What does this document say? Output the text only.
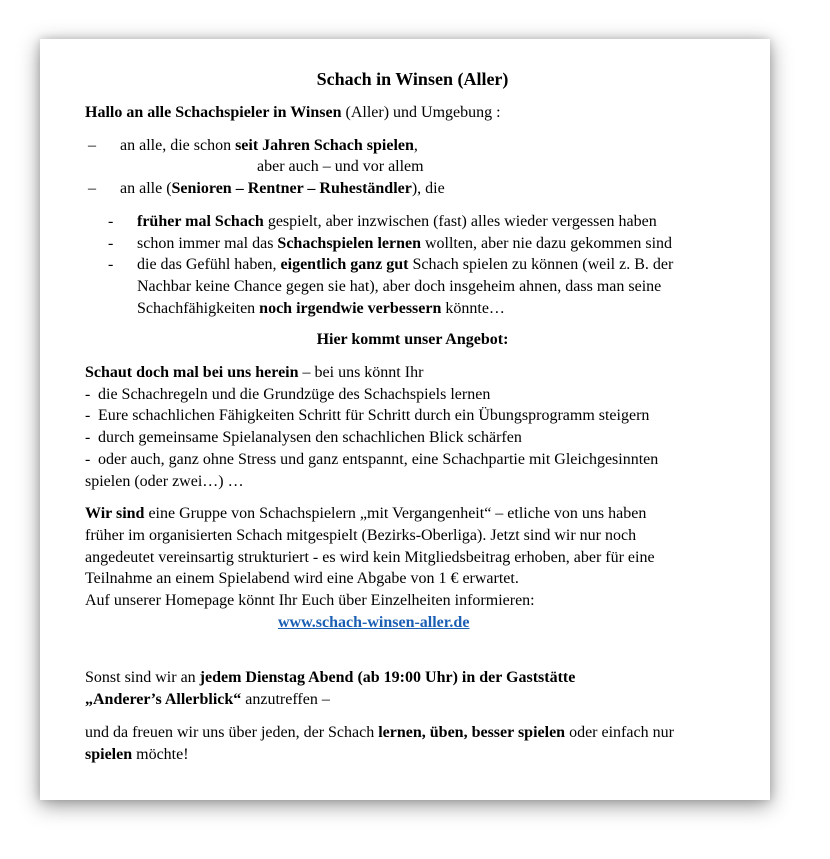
Schach in Winsen (Aller)
Hallo an alle Schachspieler in Winsen (Aller) und Umgebung :
–	an alle, die schon seit Jahren Schach spielen,
aber auch – und vor allem
–	an alle (Senioren – Rentner – Ruheständler), die
-	früher mal Schach gespielt, aber inzwischen (fast) alles wieder vergessen haben
-	schon immer mal das Schachspielen lernen wollten, aber nie dazu gekommen sind
-	die das Gefühl haben, eigentlich ganz gut Schach spielen zu können (weil z. B. der
Nachbar keine Chance gegen sie hat), aber doch insgeheim ahnen, dass man seine
Schachfähigkeiten noch irgendwie verbessern könnte…
Hier kommt unser Angebot:
Schaut doch mal bei uns herein – bei uns könnt Ihr
- die Schachregeln und die Grundzüge des Schachspiels lernen
- Eure schachlichen Fähigkeiten Schritt für Schritt durch ein Übungsprogramm steigern
- durch gemeinsame Spielanalysen den schachlichen Blick schärfen
- oder auch, ganz ohne Stress und ganz entspannt, eine Schachpartie mit Gleichgesinnten
spielen (oder zwei…) …
Wir sind eine Gruppe von Schachspielern „mit Vergangenheit“ – etliche von uns haben
früher im organisierten Schach mitgespielt (Bezirks-Oberliga). Jetzt sind wir nur noch
angedeutet vereinsartig strukturiert - es wird kein Mitgliedsbeitrag erhoben, aber für eine
Teilnahme an einem Spielabend wird eine Abgabe von 1 € erwartet.
Auf unserer Homepage könnt Ihr Euch über Einzelheiten informieren:
www.schach-winsen-aller.de
Sonst sind wir an jedem Dienstag Abend (ab 19:00 Uhr) in der Gaststätte
„Anderer’s Allerblick“ anzutreffen –
und da freuen wir uns über jeden, der Schach lernen, üben, besser spielen oder einfach nur
spielen möchte!
